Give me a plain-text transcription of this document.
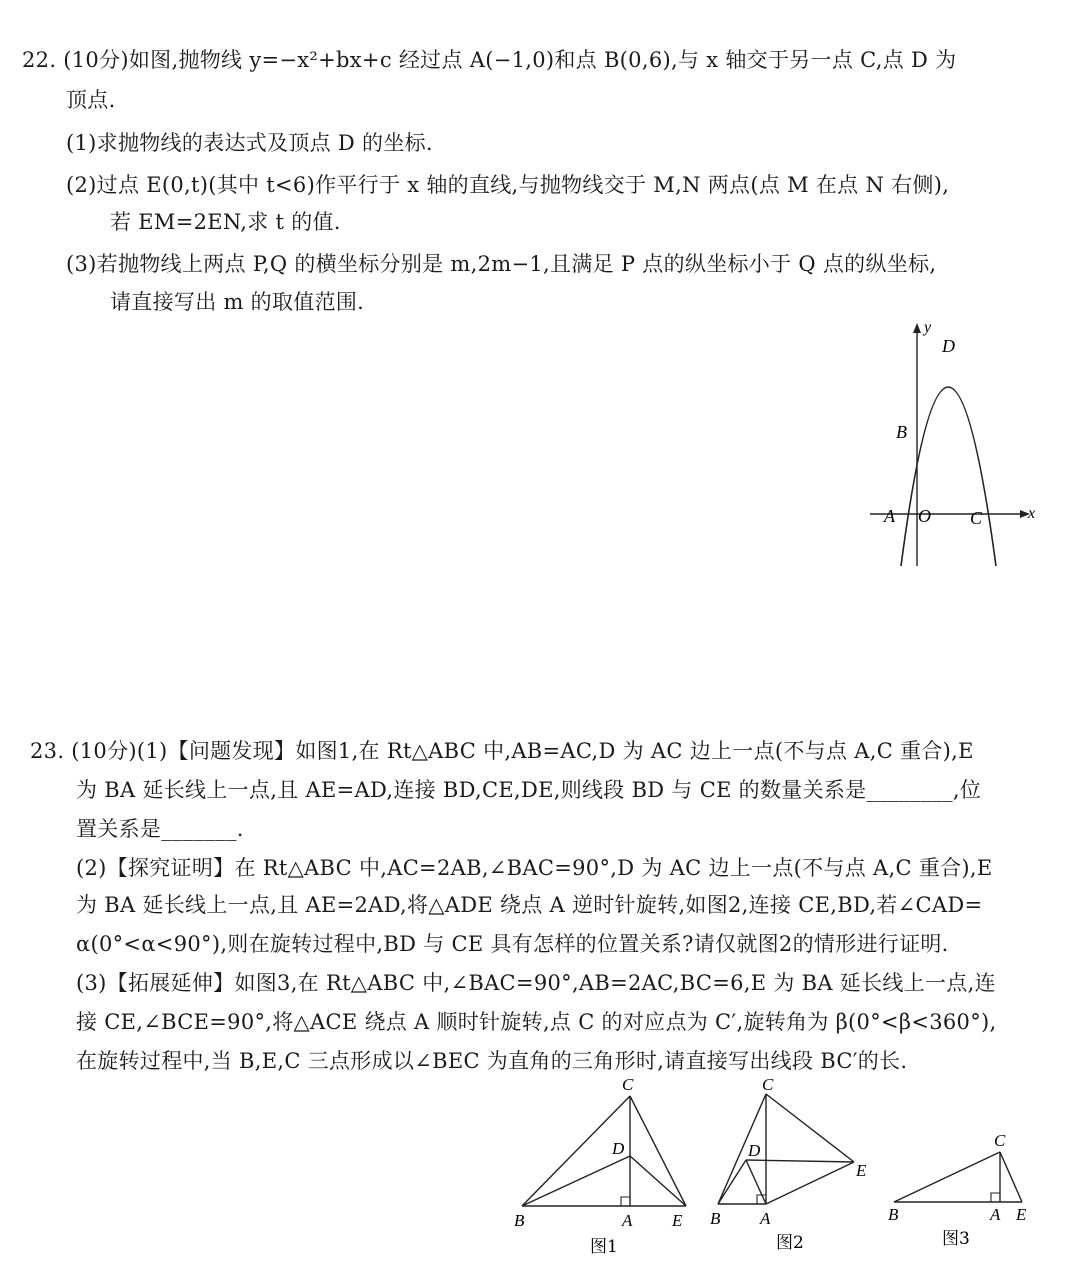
22. (10分)如图,抛物线 y=−x²+bx+c 经过点 A(−1,0)和点 B(0,6),与 x 轴交于另一点 C,点 D 为
顶点.
(1)求抛物线的表达式及顶点 D 的坐标.
(2)过点 E(0,t)(其中 t<6)作平行于 x 轴的直线,与抛物线交于 M,N 两点(点 M 在点 N 右侧),
若 EM=2EN,求 t 的值.
(3)若抛物线上两点 P,Q 的横坐标分别是 m,2m−1,且满足 P 点的纵坐标小于 Q 点的纵坐标,
请直接写出 m 的取值范围.
y
x
D
B
A O C
23. (10分)(1)【问题发现】如图1,在 Rt△ABC 中,AB=AC,D 为 AC 边上一点(不与点 A,C 重合),E
为 BA 延长线上一点,且 AE=AD,连接 BD,CE,DE,则线段 BD 与 CE 的数量关系是________,位
置关系是_______.
(2)【探究证明】在 Rt△ABC 中,AC=2AB,∠BAC=90°,D 为 AC 边上一点(不与点 A,C 重合),E
为 BA 延长线上一点,且 AE=2AD,将△ADE 绕点 A 逆时针旋转,如图2,连接 CE,BD,若∠CAD=
α(0°<α<90°),则在旋转过程中,BD 与 CE 具有怎样的位置关系?请仅就图2的情形进行证明.
(3)【拓展延伸】如图3,在 Rt△ABC 中,∠BAC=90°,AB=2AC,BC=6,E 为 BA 延长线上一点,连
接 CE,∠BCE=90°,将△ACE 绕点 A 顺时针旋转,点 C 的对应点为 C′,旋转角为 β(0°<β<360°),
在旋转过程中,当 B,E,C 三点形成以∠BEC 为直角的三角形时,请直接写出线段 BC′的长.
C
D
B	A E
图1
C
D
E
B A
图2
C
B	A E
图3
